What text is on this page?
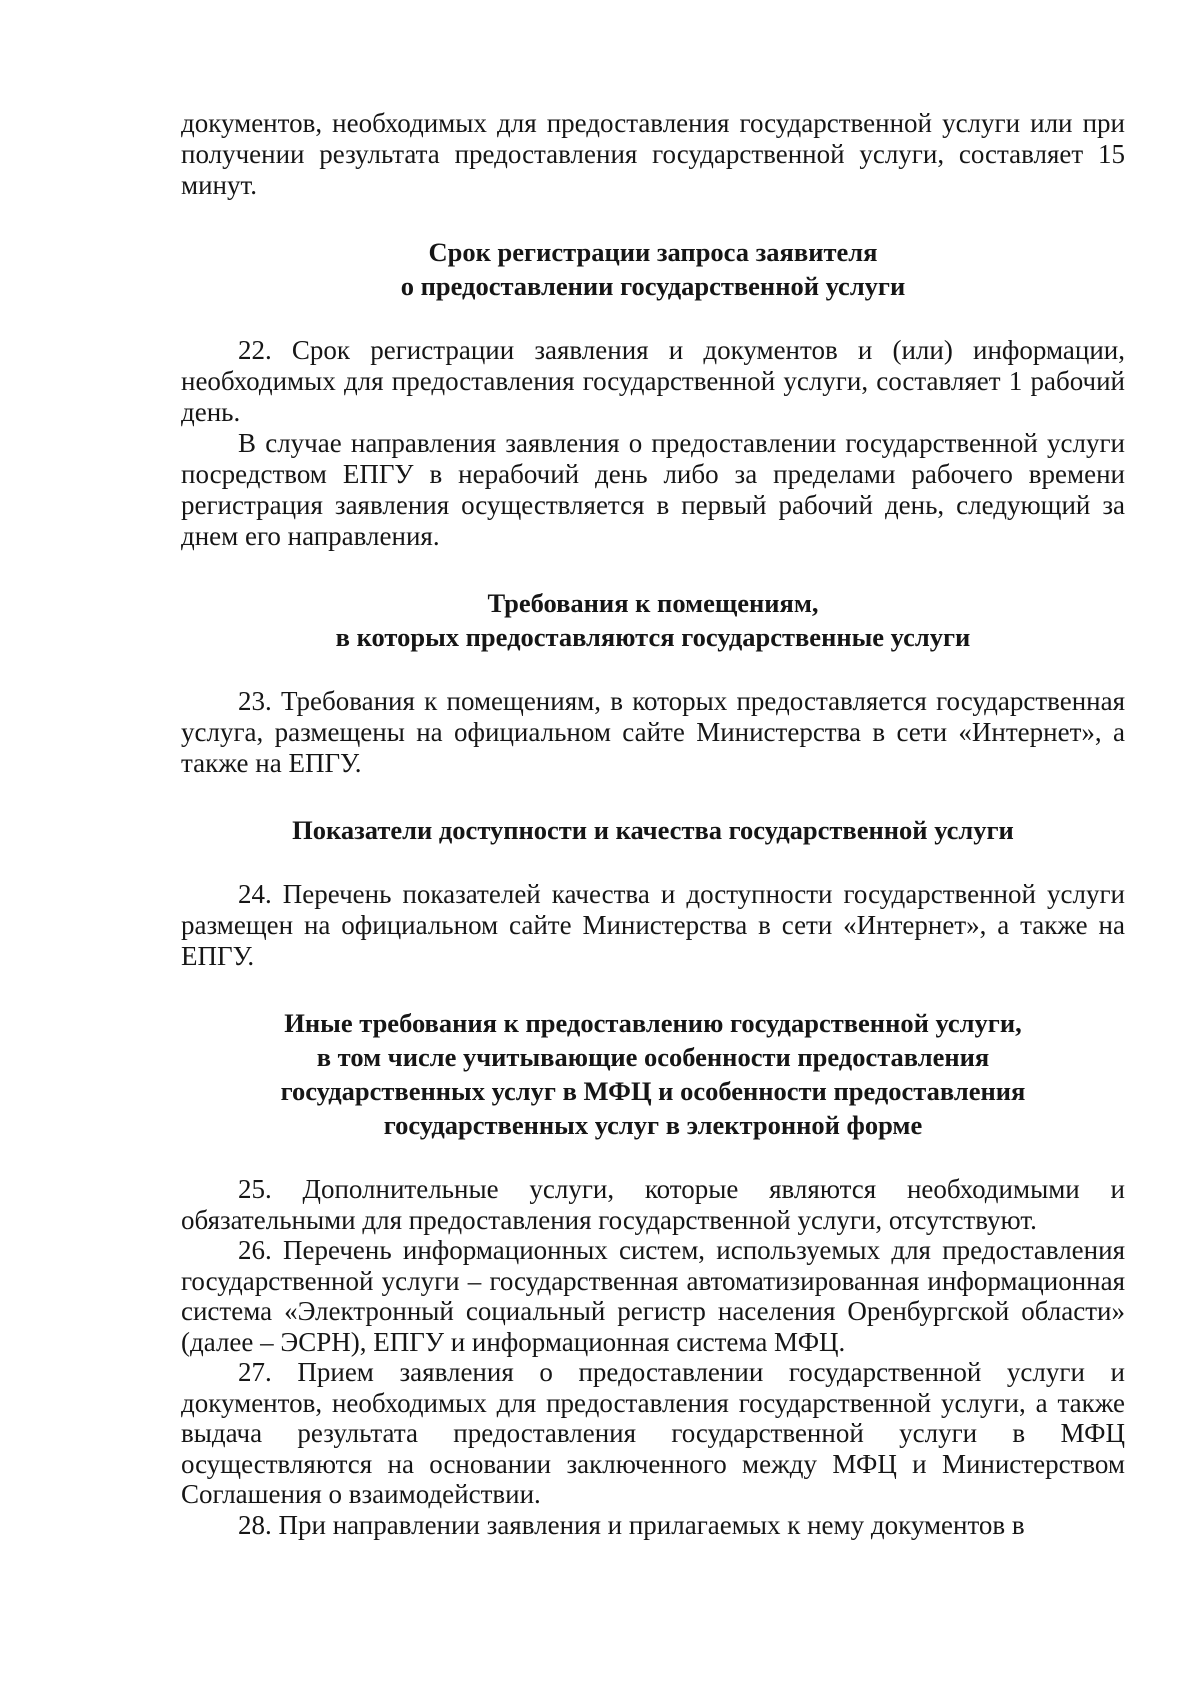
документов, необходимых для предоставления государственной услуги или при получении результата предоставления государственной услуги, составляет 15 минут.

Срок регистрации запроса заявителя

о предоставлении государственной услуги

22. Срок регистрации заявления и документов и (или) информации, необходимых для предоставления государственной услуги, составляет 1 рабочий день.

В случае направления заявления о предоставлении государственной услуги посредством ЕПГУ в нерабочий день либо за пределами рабочего времени регистрация заявления осуществляется в первый рабочий день, следующий за днем его направления.

Требования к помещениям,

в которых предоставляются государственные услуги

23. Требования к помещениям, в которых предоставляется государственная услуга, размещены на официальном сайте Министерства в сети «Интернет», а также на ЕПГУ.

Показатели доступности и качества государственной услуги

24. Перечень показателей качества и доступности государственной услуги размещен на официальном сайте Министерства в сети «Интернет», а также на ЕПГУ.

Иные требования к предоставлению государственной услуги,

в том числе учитывающие особенности предоставления

государственных услуг в МФЦ и особенности предоставления

государственных услуг в электронной форме

25. Дополнительные услуги, которые являются необходимыми и обязательными для предоставления государственной услуги, отсутствуют.

26. Перечень информационных систем, используемых для предоставления государственной услуги – государственная автоматизированная информационная система «Электронный социальный регистр населения Оренбургской области» (далее – ЭСРН), ЕПГУ и информационная система МФЦ.

27. Прием заявления о предоставлении государственной услуги и документов, необходимых для предоставления государственной услуги, а также выдача результата предоставления государственной услуги в МФЦ осуществляются на основании заключенного между МФЦ и Министерством Соглашения о взаимодействии.

28. При направлении заявления и прилагаемых к нему документов в
